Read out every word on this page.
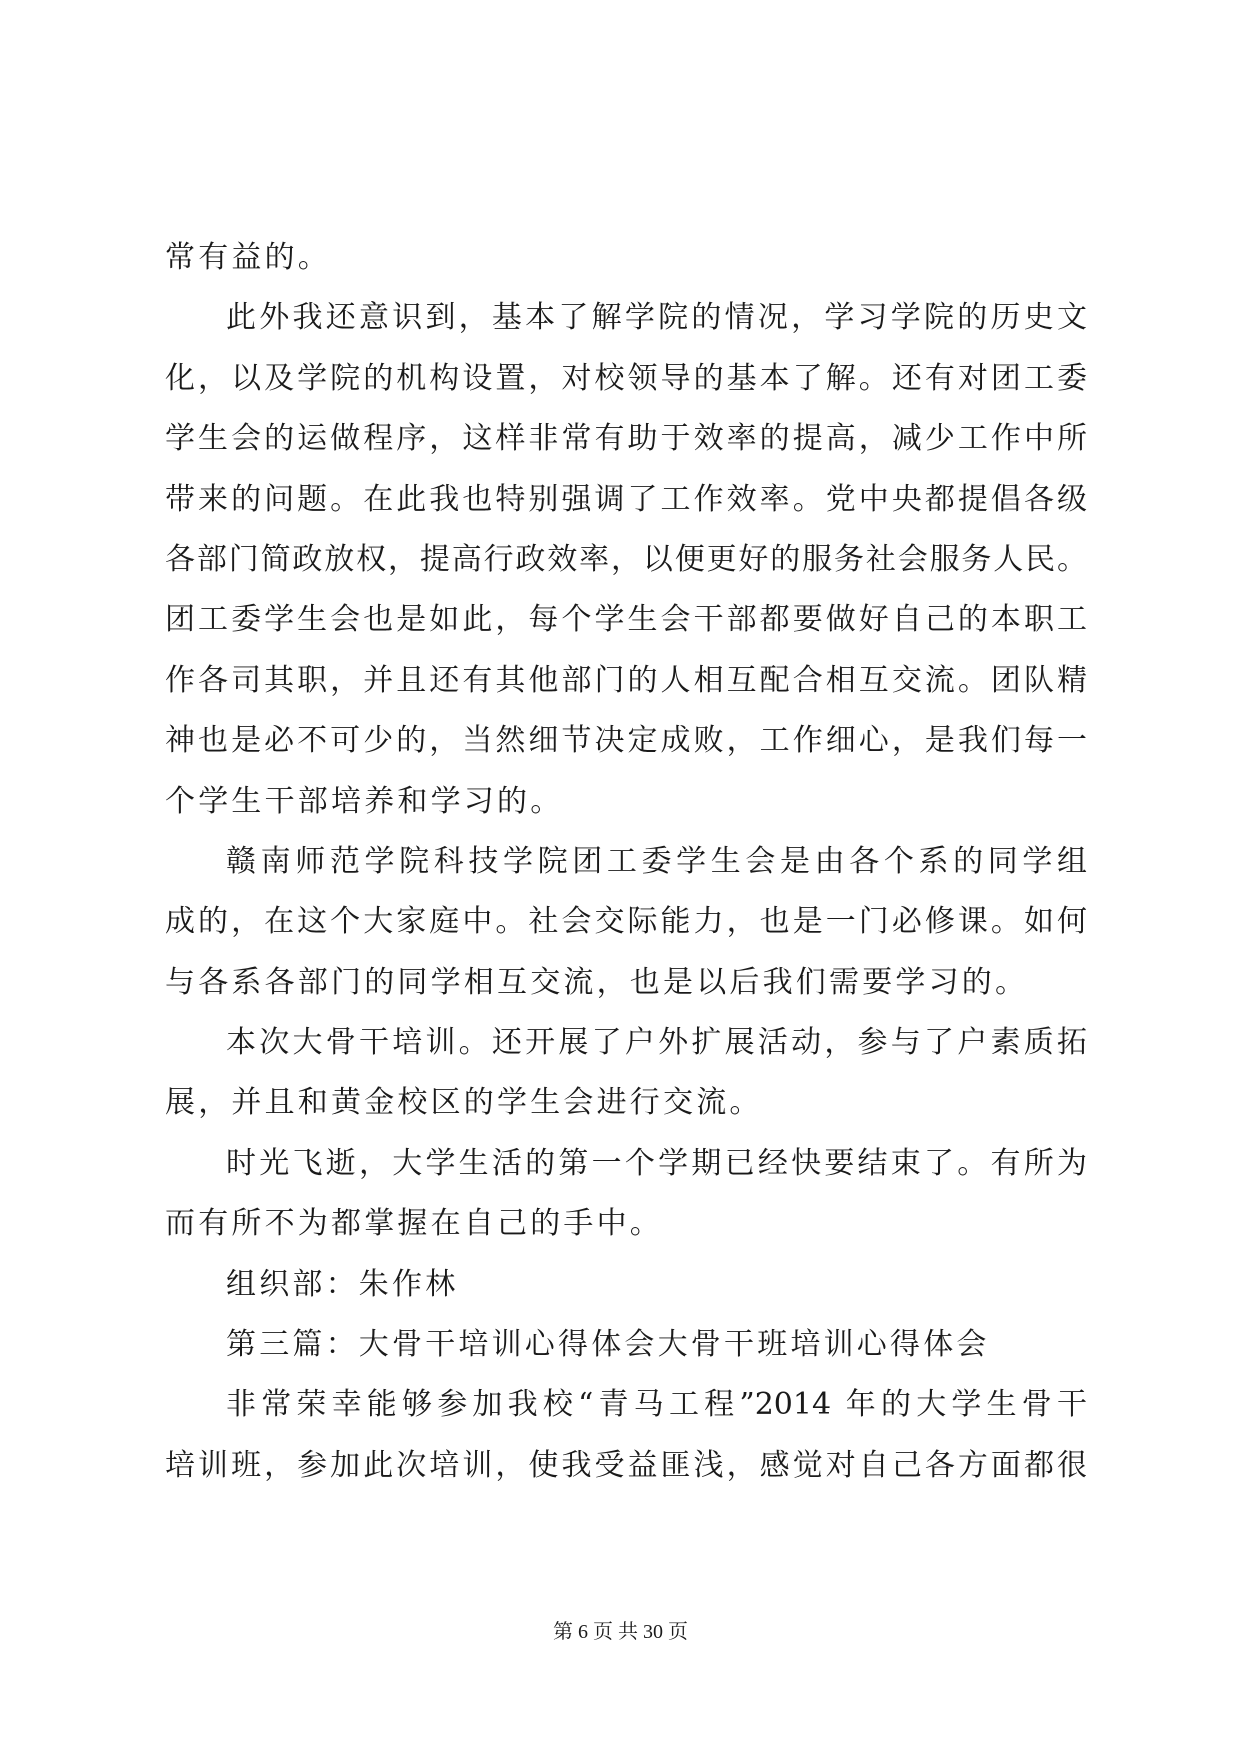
常有益的。
此外我还意识到，基本了解学院的情况，学习学院的历史文
化，以及学院的机构设置，对校领导的基本了解。还有对团工委
学生会的运做程序，这样非常有助于效率的提高，减少工作中所
带来的问题。在此我也特别强调了工作效率。党中央都提倡各级
各部门简政放权，提高行政效率，以便更好的服务社会服务人民。
团工委学生会也是如此，每个学生会干部都要做好自己的本职工
作各司其职，并且还有其他部门的人相互配合相互交流。团队精
神也是必不可少的，当然细节决定成败，工作细心，是我们每一
个学生干部培养和学习的。
赣南师范学院科技学院团工委学生会是由各个系的同学组
成的，在这个大家庭中。社会交际能力，也是一门必修课。如何
与各系各部门的同学相互交流，也是以后我们需要学习的。
本次大骨干培训。还开展了户外扩展活动，参与了户素质拓
展，并且和黄金校区的学生会进行交流。
时光飞逝，大学生活的第一个学期已经快要结束了。有所为
而有所不为都掌握在自己的手中。
组织部：朱作林
第三篇：大骨干培训心得体会大骨干班培训心得体会
非常荣幸能够参加我校“青马工程”2014 年的大学生骨干
培训班，参加此次培训，使我受益匪浅，感觉对自己各方面都很
第 6 页 共 30 页
